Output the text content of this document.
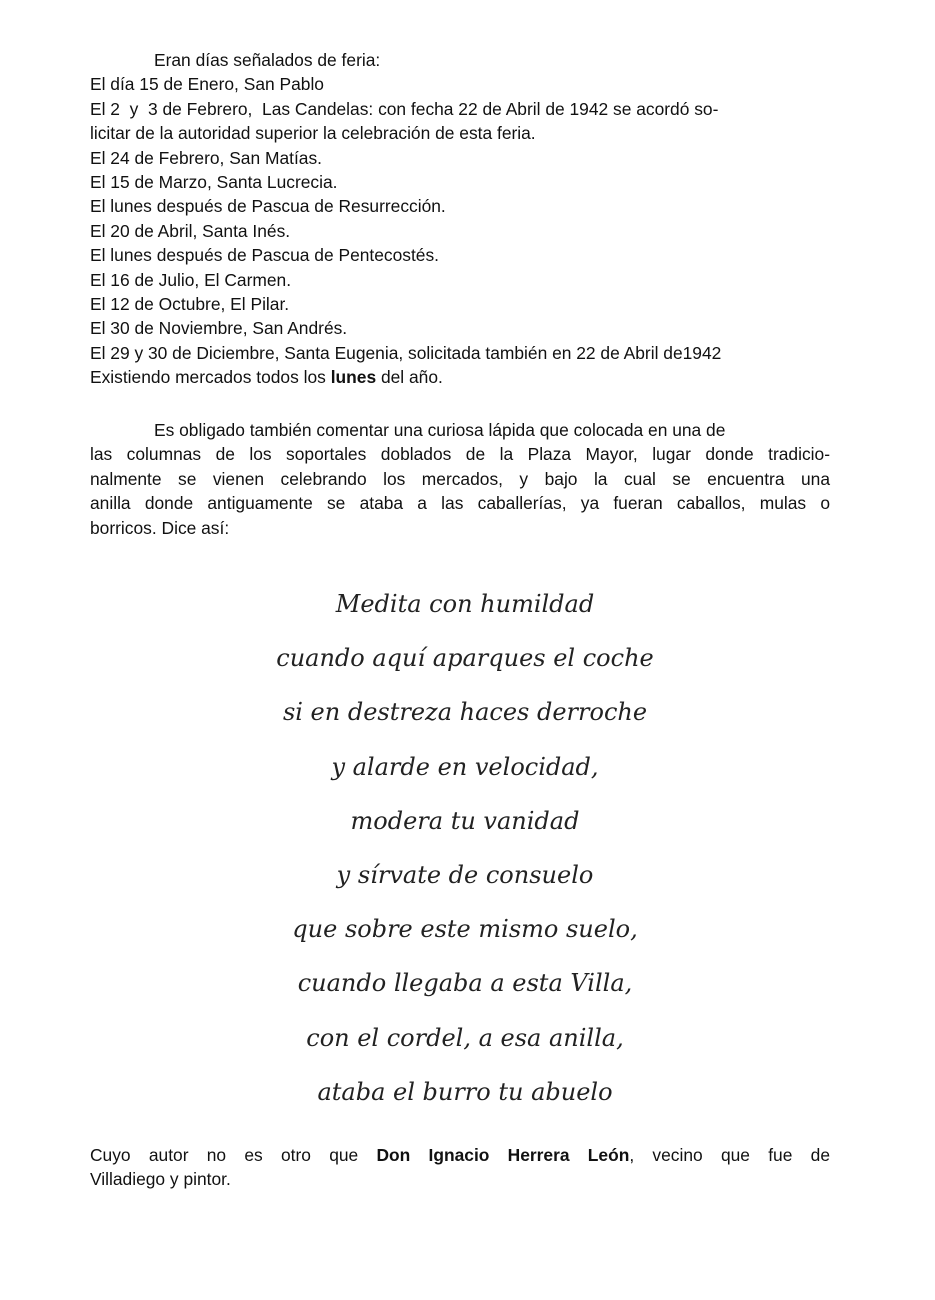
Eran días señalados de feria:
El día 15 de Enero, San Pablo
El 2  y  3 de Febrero,  Las Candelas: con fecha 22 de Abril de 1942 se acordó so-
licitar de la autoridad superior la celebración de esta feria.
El 24 de Febrero, San Matías.
El 15 de Marzo, Santa Lucrecia.
El lunes después de Pascua de Resurrección.
El 20 de Abril, Santa Inés.
El lunes después de Pascua de Pentecostés.
El 16 de Julio, El Carmen.
El 12 de Octubre, El Pilar.
El 30 de Noviembre, San Andrés.
El 29 y 30 de Diciembre, Santa Eugenia, solicitada también en 22 de Abril de1942
Existiendo mercados todos los lunes del año.
Es obligado también comentar una curiosa lápida que colocada en una de
las columnas de los soportales doblados de la Plaza Mayor, lugar donde tradicio-
nalmente se vienen celebrando los mercados, y bajo la cual se encuentra una
anilla donde antiguamente se ataba a las caballerías, ya fueran caballos, mulas o
borricos. Dice así:
Medita con humildad
cuando aquí aparques el coche
si en destreza haces derroche
y alarde en velocidad,
modera tu vanidad
y sírvate de consuelo
que sobre este mismo suelo,
cuando llegaba a esta Villa,
con el cordel, a esa anilla,
ataba el burro tu abuelo
Cuyo autor no es otro que Don Ignacio Herrera León, vecino que fue de
Villadiego y pintor.
